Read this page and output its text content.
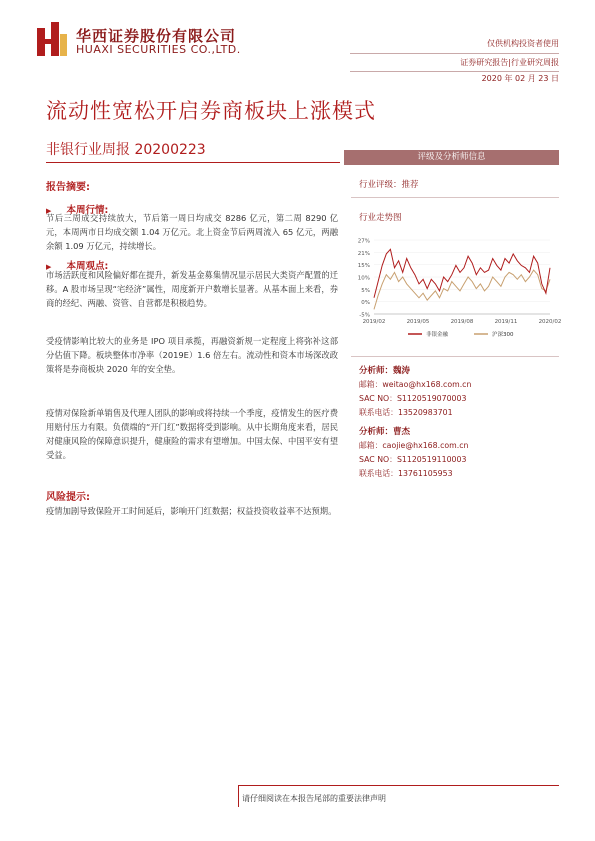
华西证券股份有限公司
HUAXI SECURITIES CO.,LTD.	仅供机构投资者使用
证券研究报告|行业研究周报
2020 年 02 月 23 日
流动性宽松开启券商板块上涨模式
非银行业周报 20200223
报告摘要:
▶ 本周行情:
节后三周成交持续放大，节后第一周日均成交 8286 亿元，第二周 8290 亿元，本周两市日均成交额 1.04 万亿元。北上资金节后两周流入 65 亿元，两融余额 1.09 万亿元，持续增长。
▶ 本周观点:
市场活跃度和风险偏好都在提升，新发基金募集情况显示居民大类资产配置的迁移。A 股市场呈现“宅经济”属性，周度新开户数增长显著。从基本面上来看，券商的经纪、两融、资管、自营都是积极趋势。
受疫情影响比较大的业务是 IPO 项目承揽，再融资新规一定程度上将弥补这部分估值下降。板块整体市净率（2019E）1.6 倍左右。流动性和资本市场深改政策将是券商板块 2020 年的安全垫。
疫情对保险新单销售及代理人团队的影响或将持续一个季度，疫情发生的医疗费用赔付压力有限。负债端的“开门红”数据将受到影响。从中长期角度来看，居民对健康风险的保障意识提升，健康险的需求有望增加。中国太保、中国平安有望受益。
风险提示:
疫情加剧导致保险开工时间延后，影响开门红数据；权益投资收益率不达预期。
评级及分析师信息
行业评级：推荐
行业走势图
-5%
0%
5%
10%
15%
21%
27%
2019/02	2019/05	2019/08	2019/11	2020/02
非银金融	沪深300
分析师：魏涛
邮箱：weitao@hx168.com.cn
SAC NO：S1120519070003
联系电话：13520983701
分析师：曹杰
邮箱：caojie@hx168.com.cn
SAC NO：S1120519110003
联系电话：13761105953
请仔细阅读在本报告尾部的重要法律声明
